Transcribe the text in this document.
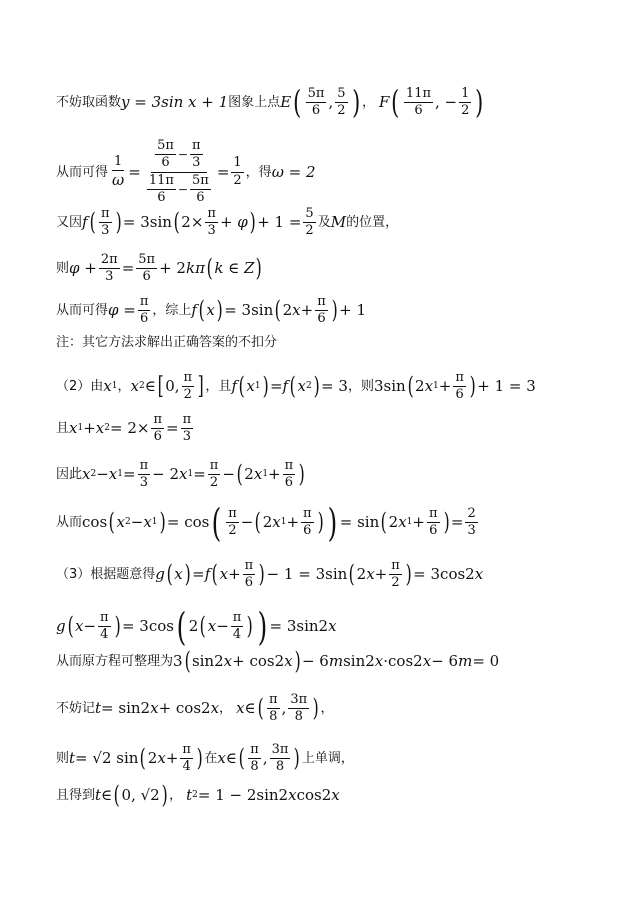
不妨取函数 y = 3sin x + 1 图象上点 E ( $\frac{5\pi}{6}$ , $\frac{5}{2}$ ) ， F ( $\frac{11\pi}{6}$ , − $\frac{1}{2}$ )
从而可得 $\frac{1}{\omega} = \frac{\frac{5\pi}{6} - \frac{\pi}{3}}{\frac{11\pi}{6} - \frac{5\pi}{6}} = \frac{1}{2}$ ，得 ω = 2
又因 f ( $\frac{\pi}{3}$ ) = 3sin ( $2\times \frac{\pi}{3} + \varphi$ ) + $1 = \frac{5}{2}$ 及 M 的位置，
则 $\varphi + \frac{2\pi}{3} = \frac{5\pi}{6} + 2$ kπ ( k ∈ Z )
从而可得 $\varphi = \frac{\pi}{6}$ ，综上 f ( x ) = 3sin ( 2 $x + \frac{\pi}{6}$ ) + 1
注：其它方法求解出正确答案的不扣分
（2）由 x 1 ， x 2 ∈ [ 0, $\frac{\pi}{2}$ ] ，且 f ( x 1 ) = f ( x 2 ) = 3 ，则 3sin ( 2 x $1 + \frac{\pi}{6}$ ) + 1 = 3
且 x 1 + x $2 = 2\times \frac{\pi}{6} = \frac{\pi}{3}$
因此 x 2 − x $1 = \frac{\pi}{3} - 2$ x $1 = \frac{\pi}{2}$ − ( 2 x $1 + \frac{\pi}{6}$ )
从而 cos ( x 2 − x 1 ) = cos ( $\frac{\pi}{2}$ − ( 2 x $1 + \frac{\pi}{6}$ ) ) = sin ( 2 x $1 + \frac{\pi}{6}$ ) = $\frac{2}{3}$
（3）根据题意得 g ( x ) = f ( $x + \frac{\pi}{6}$ ) − 1 = 3sin ( 2 $x + \frac{\pi}{2}$ ) = 3cos2 x
g ( $x - \frac{\pi}{4}$ ) = 3cos ( 2 ( $x - \frac{\pi}{4}$ ) ) = 3sin2 x
从而原方程可整理为 3 ( sin2 x + cos2 x ) − 6 m sin2 x ·cos2 x − 6 m = 0
不妨记 t = sin2 x + cos2 x ， x ∈ ( $\frac{\pi}{8}$ , $\frac{3\pi}{8}$ ) ，
则 t = √2 sin ( 2 $x + \frac{\pi}{4}$ ) 在 x ∈ ( $\frac{\pi}{8}$ , $\frac{3\pi}{8}$ ) 上单调，
且得到 t ∈ ( 0, √2 ) ， t 2 = 1 − 2sin2 x cos2 x
